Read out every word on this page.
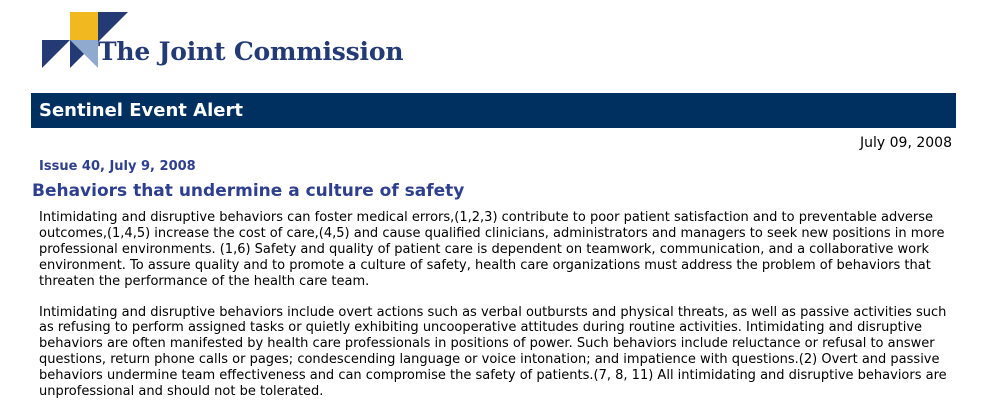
The Joint Commission
Sentinel Event Alert
July 09, 2008
Issue 40, July 9, 2008
Behaviors that undermine a culture of safety

Intimidating and disruptive behaviors can foster medical errors,(1,2,3) contribute to poor patient satisfaction and to preventable adverse outcomes,(1,4,5) increase the cost of care,(4,5) and cause qualified clinicians, administrators and managers to seek new positions in more professional environments. (1,6) Safety and quality of patient care is dependent on teamwork, communication, and a collaborative work environment. To assure quality and to promote a culture of safety, health care organizations must address the problem of behaviors that threaten the performance of the health care team.

Intimidating and disruptive behaviors include overt actions such as verbal outbursts and physical threats, as well as passive activities such as refusing to perform assigned tasks or quietly exhibiting uncooperative attitudes during routine activities. Intimidating and disruptive behaviors are often manifested by health care professionals in positions of power. Such behaviors include reluctance or refusal to answer questions, return phone calls or pages; condescending language or voice intonation; and impatience with questions.(2) Overt and passive behaviors undermine team effectiveness and can compromise the safety of patients.(7, 8, 11) All intimidating and disruptive behaviors are unprofessional and should not be tolerated.
